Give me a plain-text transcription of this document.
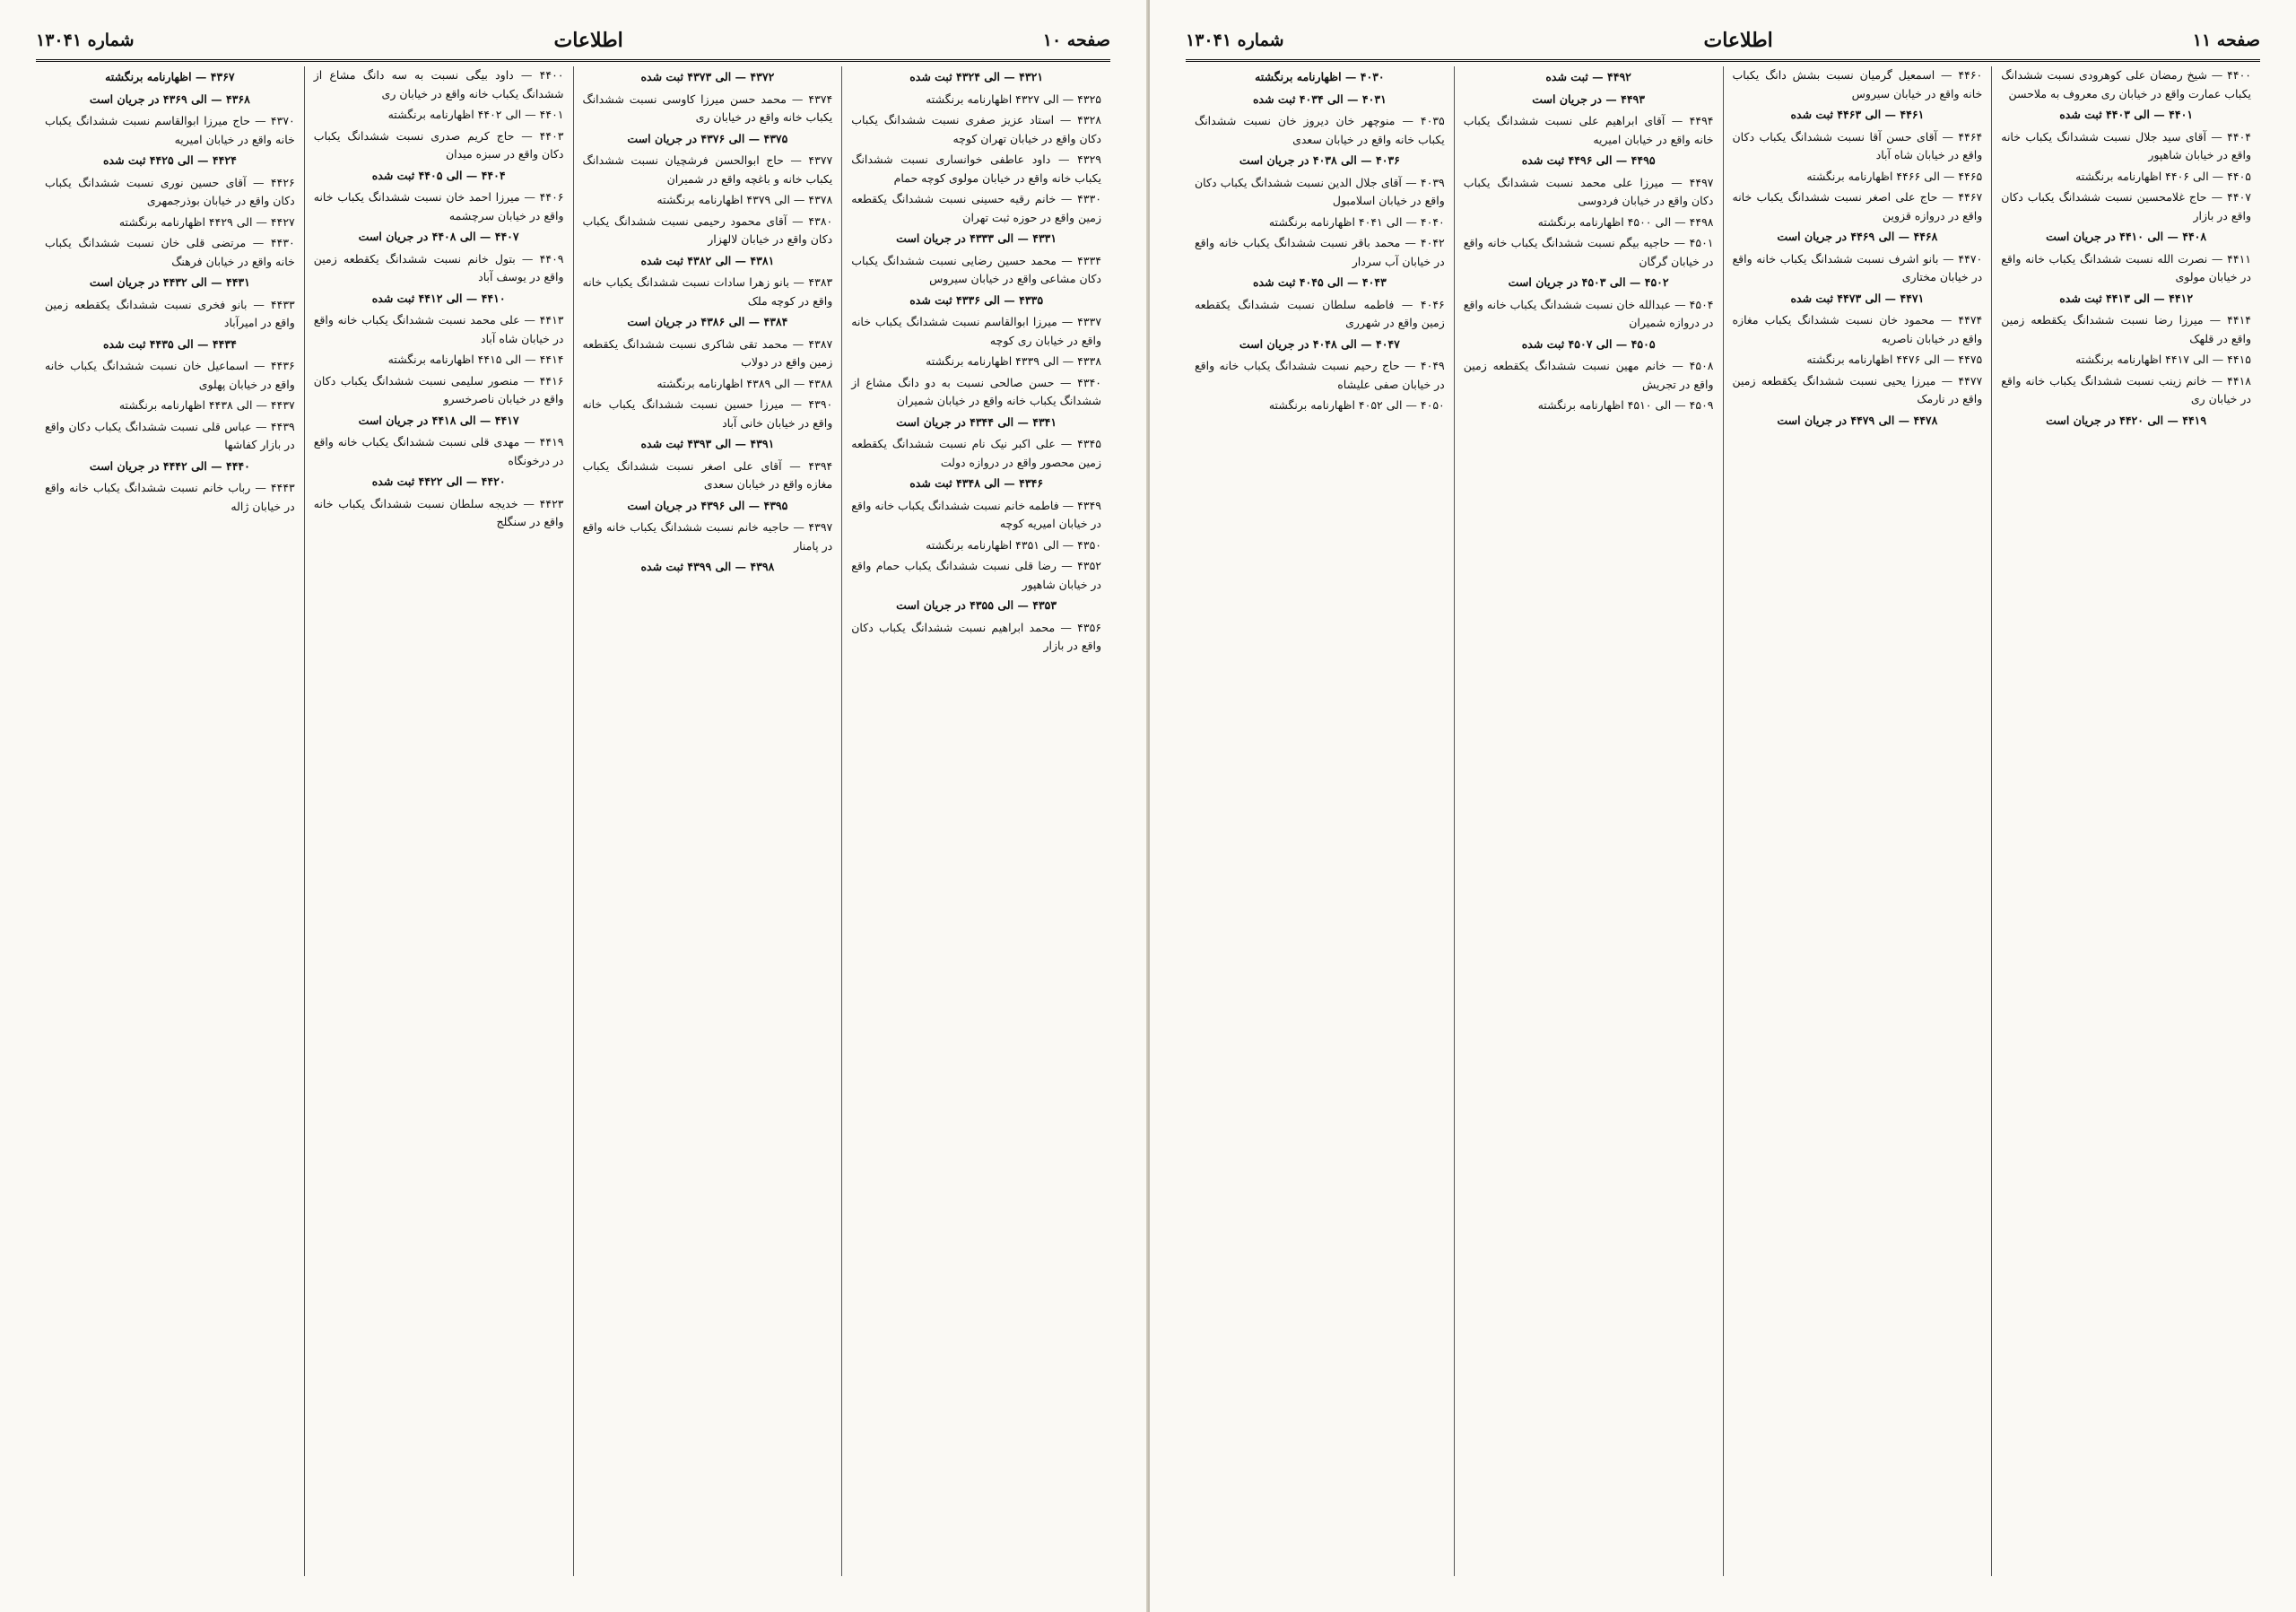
صفحه ۱۰
اطلاعات
شماره ۱۳۰۴۱

۴۳۲۱ — الی ۴۳۲۴ ثبت شده

۴۳۲۵ — الی ۴۳۲۷ اظهارنامه برنگشته

۴۳۲۸ — استاد عزیز صفری نسبت ششدانگ یکباب دکان واقع در خیابان تهران کوچه

۴۳۲۹ — داود عاطفی خوانساری نسبت ششدانگ یکباب خانه واقع در خیابان مولوی کوچه حمام

۴۳۳۰ — خانم رقیه حسینی نسبت ششدانگ یکقطعه زمین واقع در حوزه ثبت تهران

۴۳۳۱ — الی ۴۳۳۳ در جریان است

۴۳۳۴ — محمد حسین رضایی نسبت ششدانگ یکباب دکان مشاعی واقع در خیابان سیروس

۴۳۳۵ — الی ۴۳۳۶ ثبت شده

۴۳۳۷ — میرزا ابوالقاسم نسبت ششدانگ یکباب خانه واقع در خیابان ری کوچه

۴۳۳۸ — الی ۴۳۳۹ اظهارنامه برنگشته

۴۳۴۰ — حسن صالحی نسبت به دو دانگ مشاع از ششدانگ یکباب خانه واقع در خیابان شمیران

۴۳۴۱ — الی ۴۳۴۴ در جریان است

۴۳۴۵ — علی اکبر نیک نام نسبت ششدانگ یکقطعه زمین محصور واقع در دروازه دولت

۴۳۴۶ — الی ۴۳۴۸ ثبت شده

۴۳۴۹ — فاطمه خانم نسبت ششدانگ یکباب خانه واقع در خیابان امیریه کوچه

۴۳۵۰ — الی ۴۳۵۱ اظهارنامه برنگشته

۴۳۵۲ — رضا قلی نسبت ششدانگ یکباب حمام واقع در خیابان شاهپور

۴۳۵۳ — الی ۴۳۵۵ در جریان است

۴۳۵۶ — محمد ابراهیم نسبت ششدانگ یکباب دکان واقع در بازار

۴۳۷۲ — الی ۴۳۷۳ ثبت شده

۴۳۷۴ — محمد حسن میرزا کاوسی نسبت ششدانگ یکباب خانه واقع در خیابان ری

۴۳۷۵ — الی ۴۳۷۶ در جریان است

۴۳۷۷ — حاج ابوالحسن فرشچیان نسبت ششدانگ یکباب خانه و باغچه واقع در شمیران

۴۳۷۸ — الی ۴۳۷۹ اظهارنامه برنگشته

۴۳۸۰ — آقای محمود رحیمی نسبت ششدانگ یکباب دکان واقع در خیابان لالهزار

۴۳۸۱ — الی ۴۳۸۲ ثبت شده

۴۳۸۳ — بانو زهرا سادات نسبت ششدانگ یکباب خانه واقع در کوچه ملک

۴۳۸۴ — الی ۴۳۸۶ در جریان است

۴۳۸۷ — محمد تقی شاکری نسبت ششدانگ یکقطعه زمین واقع در دولاب

۴۳۸۸ — الی ۴۳۸۹ اظهارنامه برنگشته

۴۳۹۰ — میرزا حسین نسبت ششدانگ یکباب خانه واقع در خیابان خانی آباد

۴۳۹۱ — الی ۴۳۹۳ ثبت شده

۴۳۹۴ — آقای علی اصغر نسبت ششدانگ یکباب مغازه واقع در خیابان سعدی

۴۳۹۵ — الی ۴۳۹۶ در جریان است

۴۳۹۷ — حاجیه خانم نسبت ششدانگ یکباب خانه واقع در پامنار

۴۳۹۸ — الی ۴۳۹۹ ثبت شده

۴۴۰۰ — داود بیگی نسبت به سه دانگ مشاع از ششدانگ یکباب خانه واقع در خیابان ری

۴۴۰۱ — الی ۴۴۰۲ اظهارنامه برنگشته

۴۴۰۳ — حاج کریم صدری نسبت ششدانگ یکباب دکان واقع در سبزه میدان

۴۴۰۴ — الی ۴۴۰۵ ثبت شده

۴۴۰۶ — میرزا احمد خان نسبت ششدانگ یکباب خانه واقع در خیابان سرچشمه

۴۴۰۷ — الی ۴۴۰۸ در جریان است

۴۴۰۹ — بتول خانم نسبت ششدانگ یکقطعه زمین واقع در یوسف آباد

۴۴۱۰ — الی ۴۴۱۲ ثبت شده

۴۴۱۳ — علی محمد نسبت ششدانگ یکباب خانه واقع در خیابان شاه آباد

۴۴۱۴ — الی ۴۴۱۵ اظهارنامه برنگشته

۴۴۱۶ — منصور سلیمی نسبت ششدانگ یکباب دکان واقع در خیابان ناصرخسرو

۴۴۱۷ — الی ۴۴۱۸ در جریان است

۴۴۱۹ — مهدی قلی نسبت ششدانگ یکباب خانه واقع در درخونگاه

۴۴۲۰ — الی ۴۴۲۲ ثبت شده

۴۴۲۳ — خدیجه سلطان نسبت ششدانگ یکباب خانه واقع در سنگلج

۴۳۶۷ — اظهارنامه برنگشته

۴۳۶۸ — الی ۴۳۶۹ در جریان است

۴۳۷۰ — حاج میرزا ابوالقاسم نسبت ششدانگ یکباب خانه واقع در خیابان امیریه

۴۴۲۴ — الی ۴۴۲۵ ثبت شده

۴۴۲۶ — آقای حسین نوری نسبت ششدانگ یکباب دکان واقع در خیابان بوذرجمهری

۴۴۲۷ — الی ۴۴۲۹ اظهارنامه برنگشته

۴۴۳۰ — مرتضی قلی خان نسبت ششدانگ یکباب خانه واقع در خیابان فرهنگ

۴۴۳۱ — الی ۴۴۳۲ در جریان است

۴۴۳۳ — بانو فخری نسبت ششدانگ یکقطعه زمین واقع در امیرآباد

۴۴۳۴ — الی ۴۴۳۵ ثبت شده

۴۴۳۶ — اسماعیل خان نسبت ششدانگ یکباب خانه واقع در خیابان پهلوی

۴۴۳۷ — الی ۴۴۳۸ اظهارنامه برنگشته

۴۴۳۹ — عباس قلی نسبت ششدانگ یکباب دکان واقع در بازار کفاشها

۴۴۴۰ — الی ۴۴۴۲ در جریان است

۴۴۴۳ — رباب خانم نسبت ششدانگ یکباب خانه واقع در خیابان ژاله

صفحه ۱۱
اطلاعات
شماره ۱۳۰۴۱

۴۴۰۰ — شیخ رمضان علی کوهرودی نسبت ششدانگ یکباب عمارت واقع در خیابان ری معروف به ملاحسن

۴۴۰۱ — الی ۴۴۰۳ ثبت شده

۴۴۰۴ — آقای سید جلال نسبت ششدانگ یکباب خانه واقع در خیابان شاهپور

۴۴۰۵ — الی ۴۴۰۶ اظهارنامه برنگشته

۴۴۰۷ — حاج غلامحسین نسبت ششدانگ یکباب دکان واقع در بازار

۴۴۰۸ — الی ۴۴۱۰ در جریان است

۴۴۱۱ — نصرت الله نسبت ششدانگ یکباب خانه واقع در خیابان مولوی

۴۴۱۲ — الی ۴۴۱۳ ثبت شده

۴۴۱۴ — میرزا رضا نسبت ششدانگ یکقطعه زمین واقع در قلهک

۴۴۱۵ — الی ۴۴۱۷ اظهارنامه برنگشته

۴۴۱۸ — خانم زینب نسبت ششدانگ یکباب خانه واقع در خیابان ری

۴۴۱۹ — الی ۴۴۲۰ در جریان است

۴۴۶۰ — اسمعیل گرمیان نسبت بشش دانگ یکباب خانه واقع در خیابان سیروس

۴۴۶۱ — الی ۴۴۶۳ ثبت شده

۴۴۶۴ — آقای حسن آقا نسبت ششدانگ یکباب دکان واقع در خیابان شاه آباد

۴۴۶۵ — الی ۴۴۶۶ اظهارنامه برنگشته

۴۴۶۷ — حاج علی اصغر نسبت ششدانگ یکباب خانه واقع در دروازه قزوین

۴۴۶۸ — الی ۴۴۶۹ در جریان است

۴۴۷۰ — بانو اشرف نسبت ششدانگ یکباب خانه واقع در خیابان مختاری

۴۴۷۱ — الی ۴۴۷۳ ثبت شده

۴۴۷۴ — محمود خان نسبت ششدانگ یکباب مغازه واقع در خیابان ناصریه

۴۴۷۵ — الی ۴۴۷۶ اظهارنامه برنگشته

۴۴۷۷ — میرزا یحیی نسبت ششدانگ یکقطعه زمین واقع در نارمک

۴۴۷۸ — الی ۴۴۷۹ در جریان است

۴۴۹۲ — ثبت شده

۴۴۹۳ — در جریان است

۴۴۹۴ — آقای ابراهیم علی نسبت ششدانگ یکباب خانه واقع در خیابان امیریه

۴۴۹۵ — الی ۴۴۹۶ ثبت شده

۴۴۹۷ — میرزا علی محمد نسبت ششدانگ یکباب دکان واقع در خیابان فردوسی

۴۴۹۸ — الی ۴۵۰۰ اظهارنامه برنگشته

۴۵۰۱ — حاجیه بیگم نسبت ششدانگ یکباب خانه واقع در خیابان گرگان

۴۵۰۲ — الی ۴۵۰۳ در جریان است

۴۵۰۴ — عبدالله خان نسبت ششدانگ یکباب خانه واقع در دروازه شمیران

۴۵۰۵ — الی ۴۵۰۷ ثبت شده

۴۵۰۸ — خانم مهین نسبت ششدانگ یکقطعه زمین واقع در تجریش

۴۵۰۹ — الی ۴۵۱۰ اظهارنامه برنگشته

۴۰۳۰ — اظهارنامه برنگشته

۴۰۳۱ — الی ۴۰۳۴ ثبت شده

۴۰۳۵ — منوچهر خان دیروز خان نسبت ششدانگ یکباب خانه واقع در خیابان سعدی

۴۰۳۶ — الی ۴۰۳۸ در جریان است

۴۰۳۹ — آقای جلال الدین نسبت ششدانگ یکباب دکان واقع در خیابان اسلامبول

۴۰۴۰ — الی ۴۰۴۱ اظهارنامه برنگشته

۴۰۴۲ — محمد باقر نسبت ششدانگ یکباب خانه واقع در خیابان آب سردار

۴۰۴۳ — الی ۴۰۴۵ ثبت شده

۴۰۴۶ — فاطمه سلطان نسبت ششدانگ یکقطعه زمین واقع در شهرری

۴۰۴۷ — الی ۴۰۴۸ در جریان است

۴۰۴۹ — حاج رحیم نسبت ششدانگ یکباب خانه واقع در خیابان صفی علیشاه

۴۰۵۰ — الی ۴۰۵۲ اظهارنامه برنگشته
